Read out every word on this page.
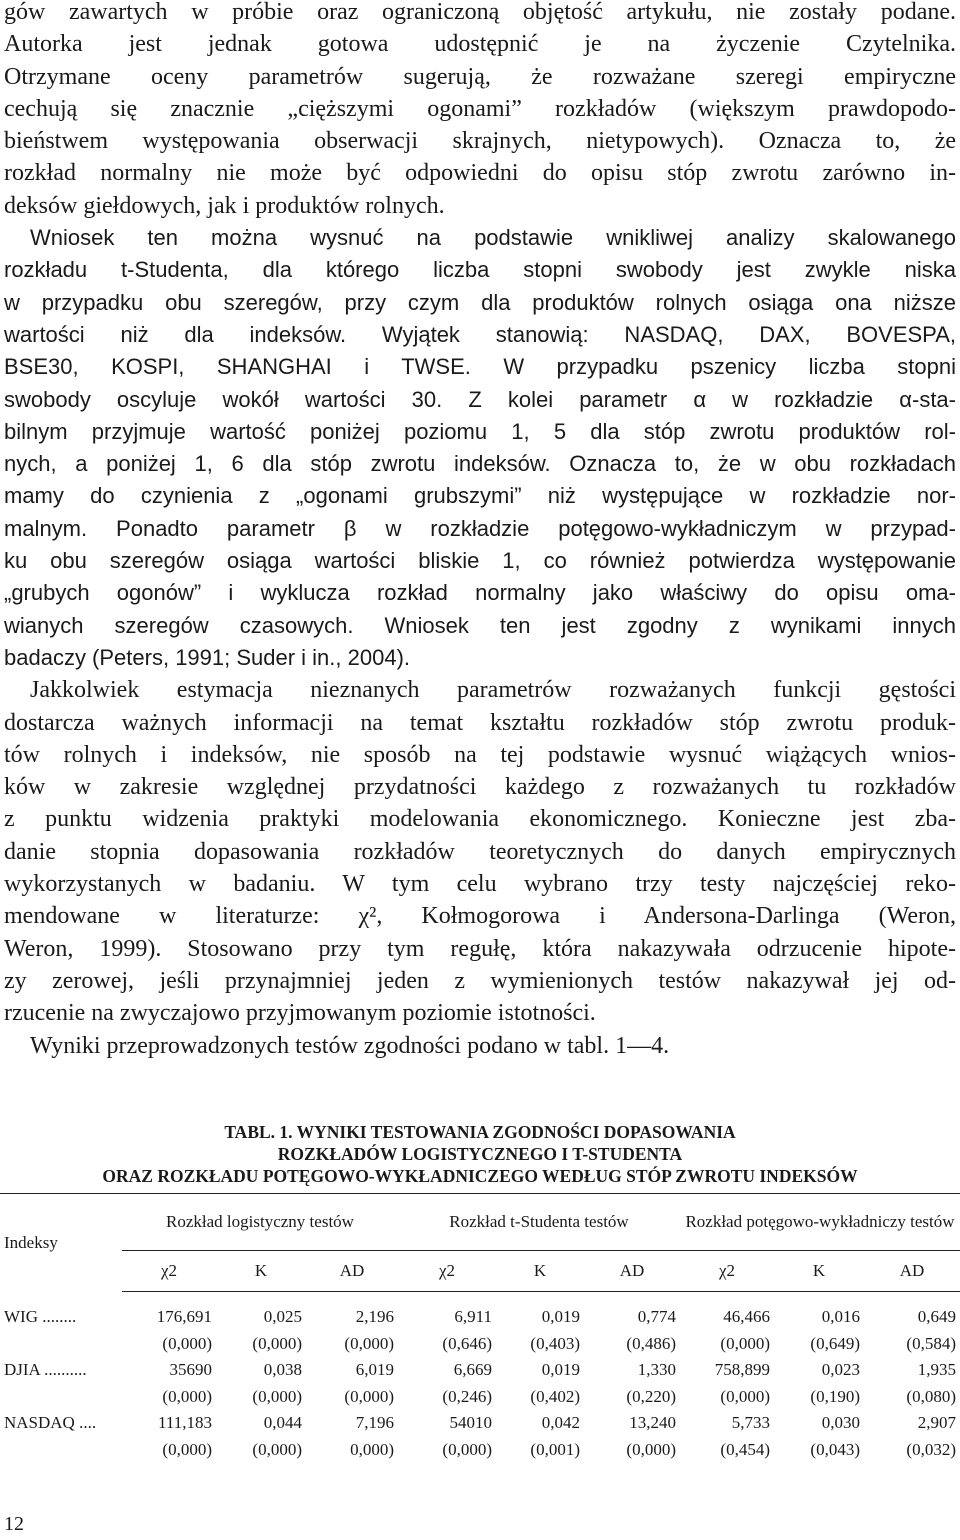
gów zawartych w próbie oraz ograniczoną objętość artykułu, nie zostały podane.
Autorka jest jednak gotowa udostępnić je na życzenie Czytelnika.
Otrzymane oceny parametrów sugerują, że rozważane szeregi empiryczne
cechują się znacznie „cięższymi ogonami” rozkładów (większym prawdopodo-
bieństwem występowania obserwacji skrajnych, nietypowych). Oznacza to, że
rozkład normalny nie może być odpowiedni do opisu stóp zwrotu zarówno in-
deksów giełdowych, jak i produktów rolnych.

Wniosek ten można wysnuć na podstawie wnikliwej analizy skalowanego
rozkładu t-Studenta, dla którego liczba stopni swobody jest zwykle niska
w przypadku obu szeregów, przy czym dla produktów rolnych osiąga ona niższe
wartości niż dla indeksów. Wyjątek stanowią: NASDAQ, DAX, BOVESPA,
BSE30, KOSPI, SHANGHAI i TWSE. W przypadku pszenicy liczba stopni
swobody oscyluje wokół wartości 30. Z kolei parametr α w rozkładzie α-sta-
bilnym przyjmuje wartość poniżej poziomu 1, 5 dla stóp zwrotu produktów rol-
nych, a poniżej 1, 6 dla stóp zwrotu indeksów. Oznacza to, że w obu rozkładach
mamy do czynienia z „ogonami grubszymi” niż występujące w rozkładzie nor-
malnym. Ponadto parametr β w rozkładzie potęgowo-wykładniczym w przypad-
ku obu szeregów osiąga wartości bliskie 1, co również potwierdza występowanie
„grubych ogonów” i wyklucza rozkład normalny jako właściwy do opisu oma-
wianych szeregów czasowych. Wniosek ten jest zgodny z wynikami innych
badaczy (Peters, 1991; Suder i in., 2004).

Jakkolwiek estymacja nieznanych parametrów rozważanych funkcji gęstości
dostarcza ważnych informacji na temat kształtu rozkładów stóp zwrotu produk-
tów rolnych i indeksów, nie sposób na tej podstawie wysnuć wiążących wnios-
ków w zakresie względnej przydatności każdego z rozważanych tu rozkładów
z punktu widzenia praktyki modelowania ekonomicznego. Konieczne jest zba-
danie stopnia dopasowania rozkładów teoretycznych do danych empirycznych
wykorzystanych w badaniu. W tym celu wybrano trzy testy najczęściej reko-
mendowane w literaturze: χ², Kołmogorowa i Andersona-Darlinga (Weron,
Weron, 1999). Stosowano przy tym regułę, która nakazywała odrzucenie hipote-
zy zerowej, jeśli przynajmniej jeden z wymienionych testów nakazywał jej od-
rzucenie na zwyczajowo przyjmowanym poziomie istotności.

Wyniki przeprowadzonych testów zgodności podano w tabl. 1—4.

TABL. 1. WYNIKI TESTOWANIA ZGODNOŚCI DOPASOWANIA
ROZKŁADÓW LOGISTYCZNEGO I T-STUDENTA
ORAZ ROZKŁADU POTĘGOWO-WYKŁADNICZEGO WEDŁUG STÓP ZWROTU INDEKSÓW
Indeksy	Rozkład logistyczny testów			Rozkład t-Studenta testów			Rozkład potęgowo-wykładniczy testów		
	χ2	K	AD	χ2	K	AD	χ2	K	AD

WIG ........	176,691	0,025	2,196	6,911	0,019	0,774	46,466	0,016	0,649
	(0,000)	(0,000)	(0,000)	(0,646)	(0,403)	(0,486)	(0,000)	(0,649)	(0,584)
DJIA ..........	35690	0,038	6,019	6,669	0,019	1,330	758,899	0,023	1,935
	(0,000)	(0,000)	(0,000)	(0,246)	(0,402)	(0,220)	(0,000)	(0,190)	(0,080)
NASDAQ ....	111,183	0,044	7,196	54010	0,042	13,240	5,733	0,030	2,907
	(0,000)	(0,000)	0,000)	(0,000)	(0,001)	(0,000)	(0,454)	(0,043)	(0,032)
12
